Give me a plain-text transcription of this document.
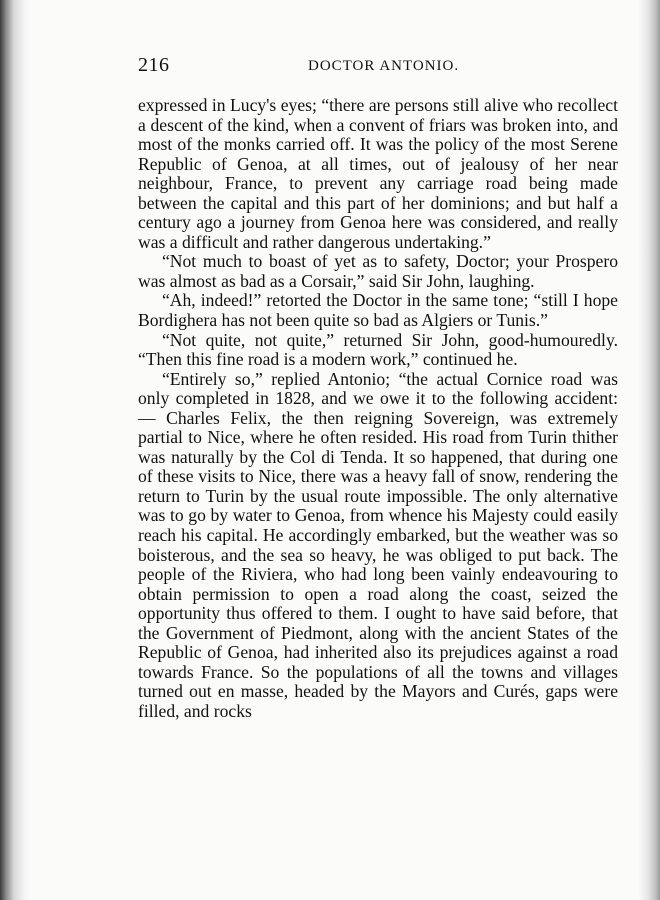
216	DOCTOR ANTONIO.

expressed in Lucy's eyes; “there are persons still alive who recollect a descent of the kind, when a convent of friars was broken into, and most of the monks carried off. It was the policy of the most Serene Republic of Genoa, at all times, out of jealousy of her near neighbour, France, to prevent any carriage road being made between the capital and this part of her dominions; and but half a century ago a journey from Genoa here was considered, and really was a difficult and rather dangerous undertaking.”

“Not much to boast of yet as to safety, Doctor; your Prospero was almost as bad as a Corsair,” said Sir John, laughing.

“Ah, indeed!” retorted the Doctor in the same tone; “still I hope Bordighera has not been quite so bad as Algiers or Tunis.”

“Not quite, not quite,” returned Sir John, good-humouredly. “Then this fine road is a modern work,” continued he.

“Entirely so,” replied Antonio; “the actual Cornice road was only completed in 1828, and we owe it to the following accident: — Charles Felix, the then reigning Sovereign, was extremely partial to Nice, where he often resided. His road from Turin thither was naturally by the Col di Tenda. It so happened, that during one of these visits to Nice, there was a heavy fall of snow, rendering the return to Turin by the usual route impossible. The only alternative was to go by water to Genoa, from whence his Majesty could easily reach his capital. He accordingly embarked, but the weather was so boisterous, and the sea so heavy, he was obliged to put back. The people of the Riviera, who had long been vainly endeavouring to obtain permission to open a road along the coast, seized the opportunity thus offered to them. I ought to have said before, that the Government of Piedmont, along with the ancient States of the Republic of Genoa, had inherited also its prejudices against a road towards France. So the populations of all the towns and villages turned out en masse, headed by the Mayors and Curés, gaps were filled, and rocks
